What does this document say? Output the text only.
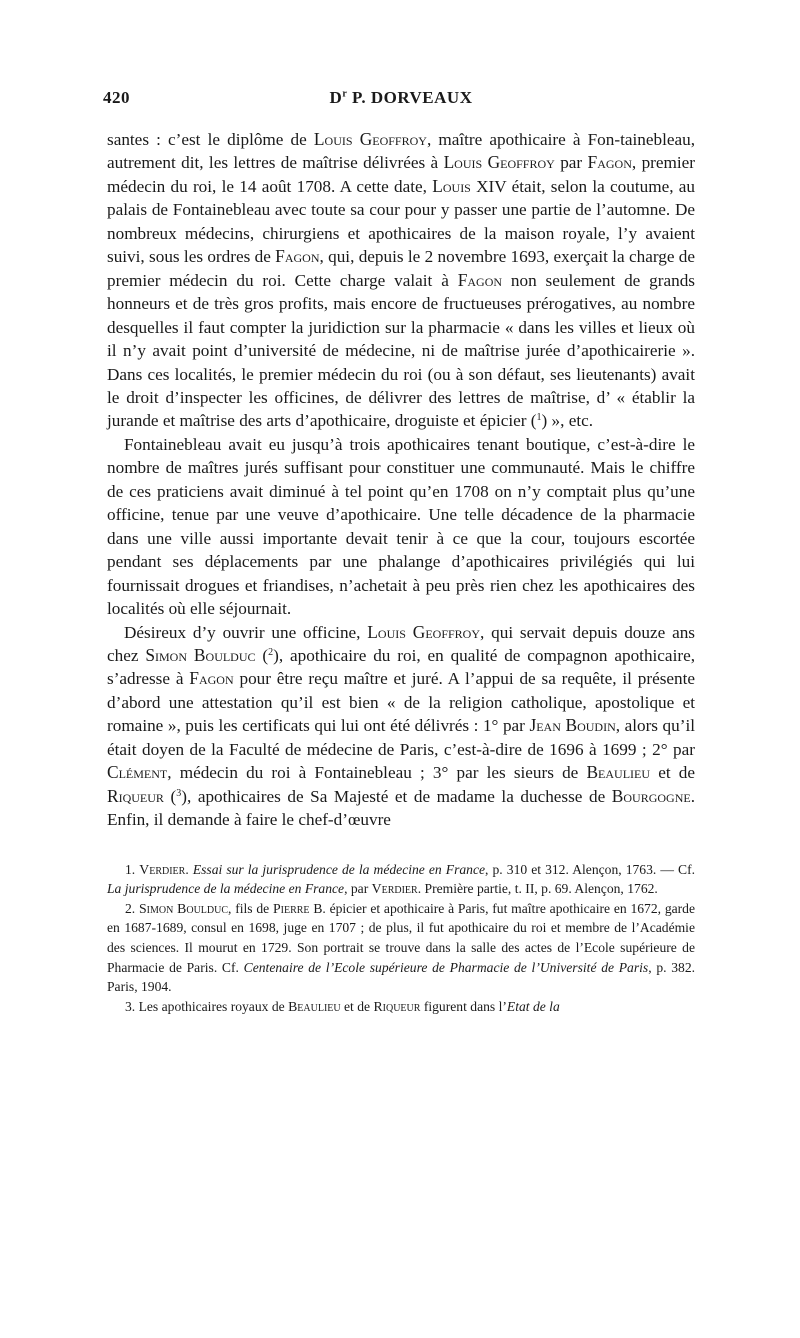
420	$D^r$ P. DORVEAUX

santes : c’est le diplôme de Louis Geoffroy, maître apothicaire à Fon-tainebleau, autrement dit, les lettres de maîtrise délivrées à Louis Geoffroy par Fagon, premier médecin du roi, le 14 août 1708. A cette date, Louis XIV était, selon la coutume, au palais de Fontainebleau avec toute sa cour pour y passer une partie de l’automne. De nombreux médecins, chirurgiens et apothicaires de la maison royale, l’y avaient suivi, sous les ordres de Fagon, qui, depuis le 2 novembre 1693, exerçait la charge de premier médecin du roi. Cette charge valait à Fagon non seulement de grands honneurs et de très gros profits, mais encore de fructueuses prérogatives, au nombre desquelles il faut compter la juridiction sur la pharmacie « dans les villes et lieux où il n’y avait point d’université de médecine, ni de maîtrise jurée d’apothicairerie ». Dans ces localités, le premier médecin du roi (ou à son défaut, ses lieutenants) avait le droit d’inspecter les officines, de délivrer des lettres de maîtrise, d’ « établir la jurande et maîtrise des arts d’apothicaire, droguiste et épicier ($^1$) », etc.

Fontainebleau avait eu jusqu’à trois apothicaires tenant boutique, c’est-à-dire le nombre de maîtres jurés suffisant pour constituer une communauté. Mais le chiffre de ces praticiens avait diminué à tel point qu’en 1708 on n’y comptait plus qu’une officine, tenue par une veuve d’apothicaire. Une telle décadence de la pharmacie dans une ville aussi importante devait tenir à ce que la cour, toujours escortée pendant ses déplacements par une phalange d’apothicaires privilégiés qui lui fournissait drogues et friandises, n’achetait à peu près rien chez les apothicaires des localités où elle séjournait.

Désireux d’y ouvrir une officine, Louis Geoffroy, qui servait depuis douze ans chez Simon Boulduc ($^2$), apothicaire du roi, en qualité de compagnon apothicaire, s’adresse à Fagon pour être reçu maître et juré. A l’appui de sa requête, il présente d’abord une attestation qu’il est bien « de la religion catholique, apostolique et romaine », puis les certificats qui lui ont été délivrés : 1° par Jean Boudin, alors qu’il était doyen de la Faculté de médecine de Paris, c’est-à-dire de 1696 à 1699 ; 2° par Clément, médecin du roi à Fontainebleau ; 3° par les sieurs de Beaulieu et de Riqueur ($^3$), apothicaires de Sa Majesté et de madame la duchesse de Bourgogne. Enfin, il demande à faire le chef-d’œuvre

1. Verdier. Essai sur la jurisprudence de la médecine en France, p. 310 et 312. Alençon, 1763. — Cf. La jurisprudence de la médecine en France, par Verdier. Première partie, t. II, p. 69. Alençon, 1762.

2. Simon Boulduc, fils de Pierre B. épicier et apothicaire à Paris, fut maître apothicaire en 1672, garde en 1687-1689, consul en 1698, juge en 1707 ; de plus, il fut apothicaire du roi et membre de l’Académie des sciences. Il mourut en 1729. Son portrait se trouve dans la salle des actes de l’Ecole supérieure de Pharmacie de Paris. Cf. Centenaire de l’Ecole supérieure de Pharmacie de l’Université de Paris, p. 382. Paris, 1904.

3. Les apothicaires royaux de Beaulieu et de Riqueur figurent dans l’Etat de la
